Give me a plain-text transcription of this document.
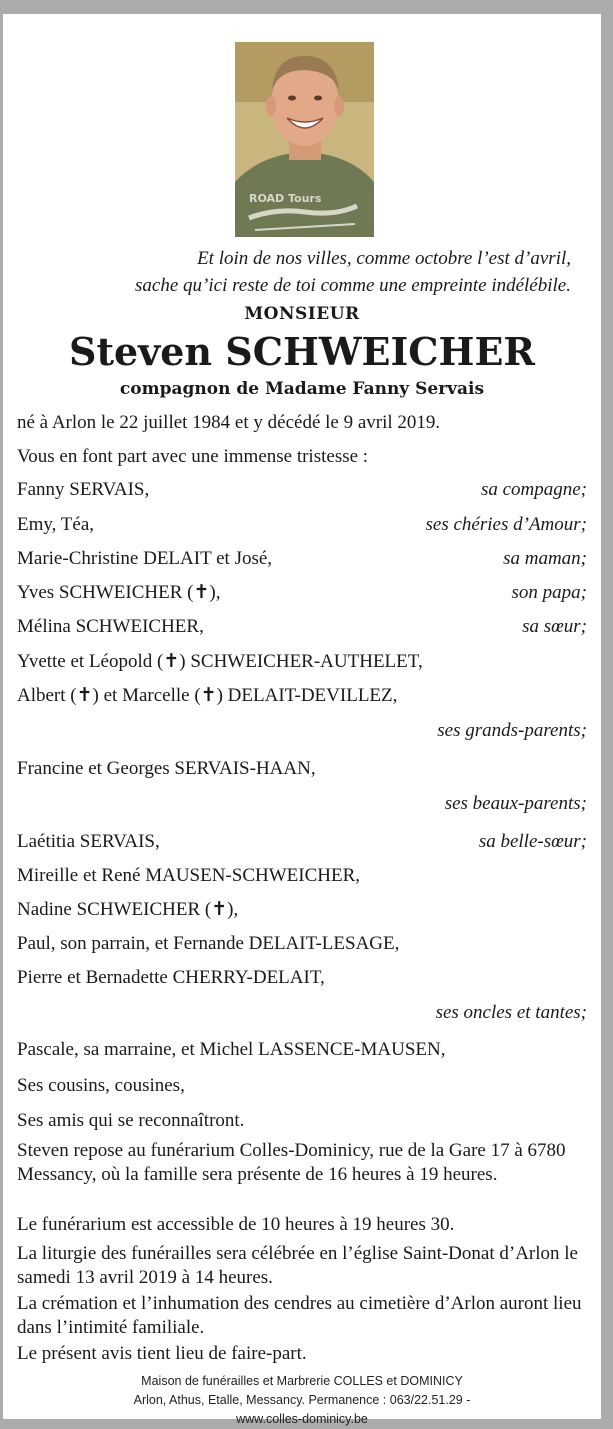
ROAD Tours
Et loin de nos villes, comme octobre l’est d’avril,
sache qu’ici reste de toi comme une empreinte indélébile.
MONSIEUR
Steven SCHWEICHER
compagnon de Madame Fanny Servais
né à Arlon le 22 juillet 1984 et y décédé le 9 avril 2019.
Vous en font part avec une immense tristesse :
Fanny SERVAIS,	sa compagne;
Emy, Téa,	ses chéries d’Amour;
Marie-Christine DELAIT et José,	sa maman;
Yves SCHWEICHER (✝),	son papa;
Mélina SCHWEICHER,	sa sœur;
Yvette et Léopold (✝) SCHWEICHER-AUTHELET,
Albert (✝) et Marcelle (✝) DELAIT-DEVILLEZ,
ses grands-parents;
Francine et Georges SERVAIS-HAAN,
ses beaux-parents;
Laétitia SERVAIS,	sa belle-sœur;
Mireille et René MAUSEN-SCHWEICHER,
Nadine SCHWEICHER (✝),
Paul, son parrain, et Fernande DELAIT-LESAGE,
Pierre et Bernadette CHERRY-DELAIT,
ses oncles et tantes;
Pascale, sa marraine, et Michel LASSENCE-MAUSEN,
Ses cousins, cousines,
Ses amis qui se reconnaîtront.
Steven repose au funérarium Colles-Dominicy, rue de la Gare 17 à 6780 Messancy, où la famille sera présente de 16 heures à 19 heures.
Le funérarium est accessible de 10 heures à 19 heures 30.
La liturgie des funérailles sera célébrée en l’église Saint-Donat d’Arlon le samedi 13 avril 2019 à 14 heures.
La crémation et l’inhumation des cendres au cimetière d’Arlon auront lieu dans l’intimité familiale.
Le présent avis tient lieu de faire-part.
Maison de funérailles et Marbrerie COLLES et DOMINICY
Arlon, Athus, Etalle, Messancy. Permanence : 063/22.51.29 -
www.colles-dominicy.be
